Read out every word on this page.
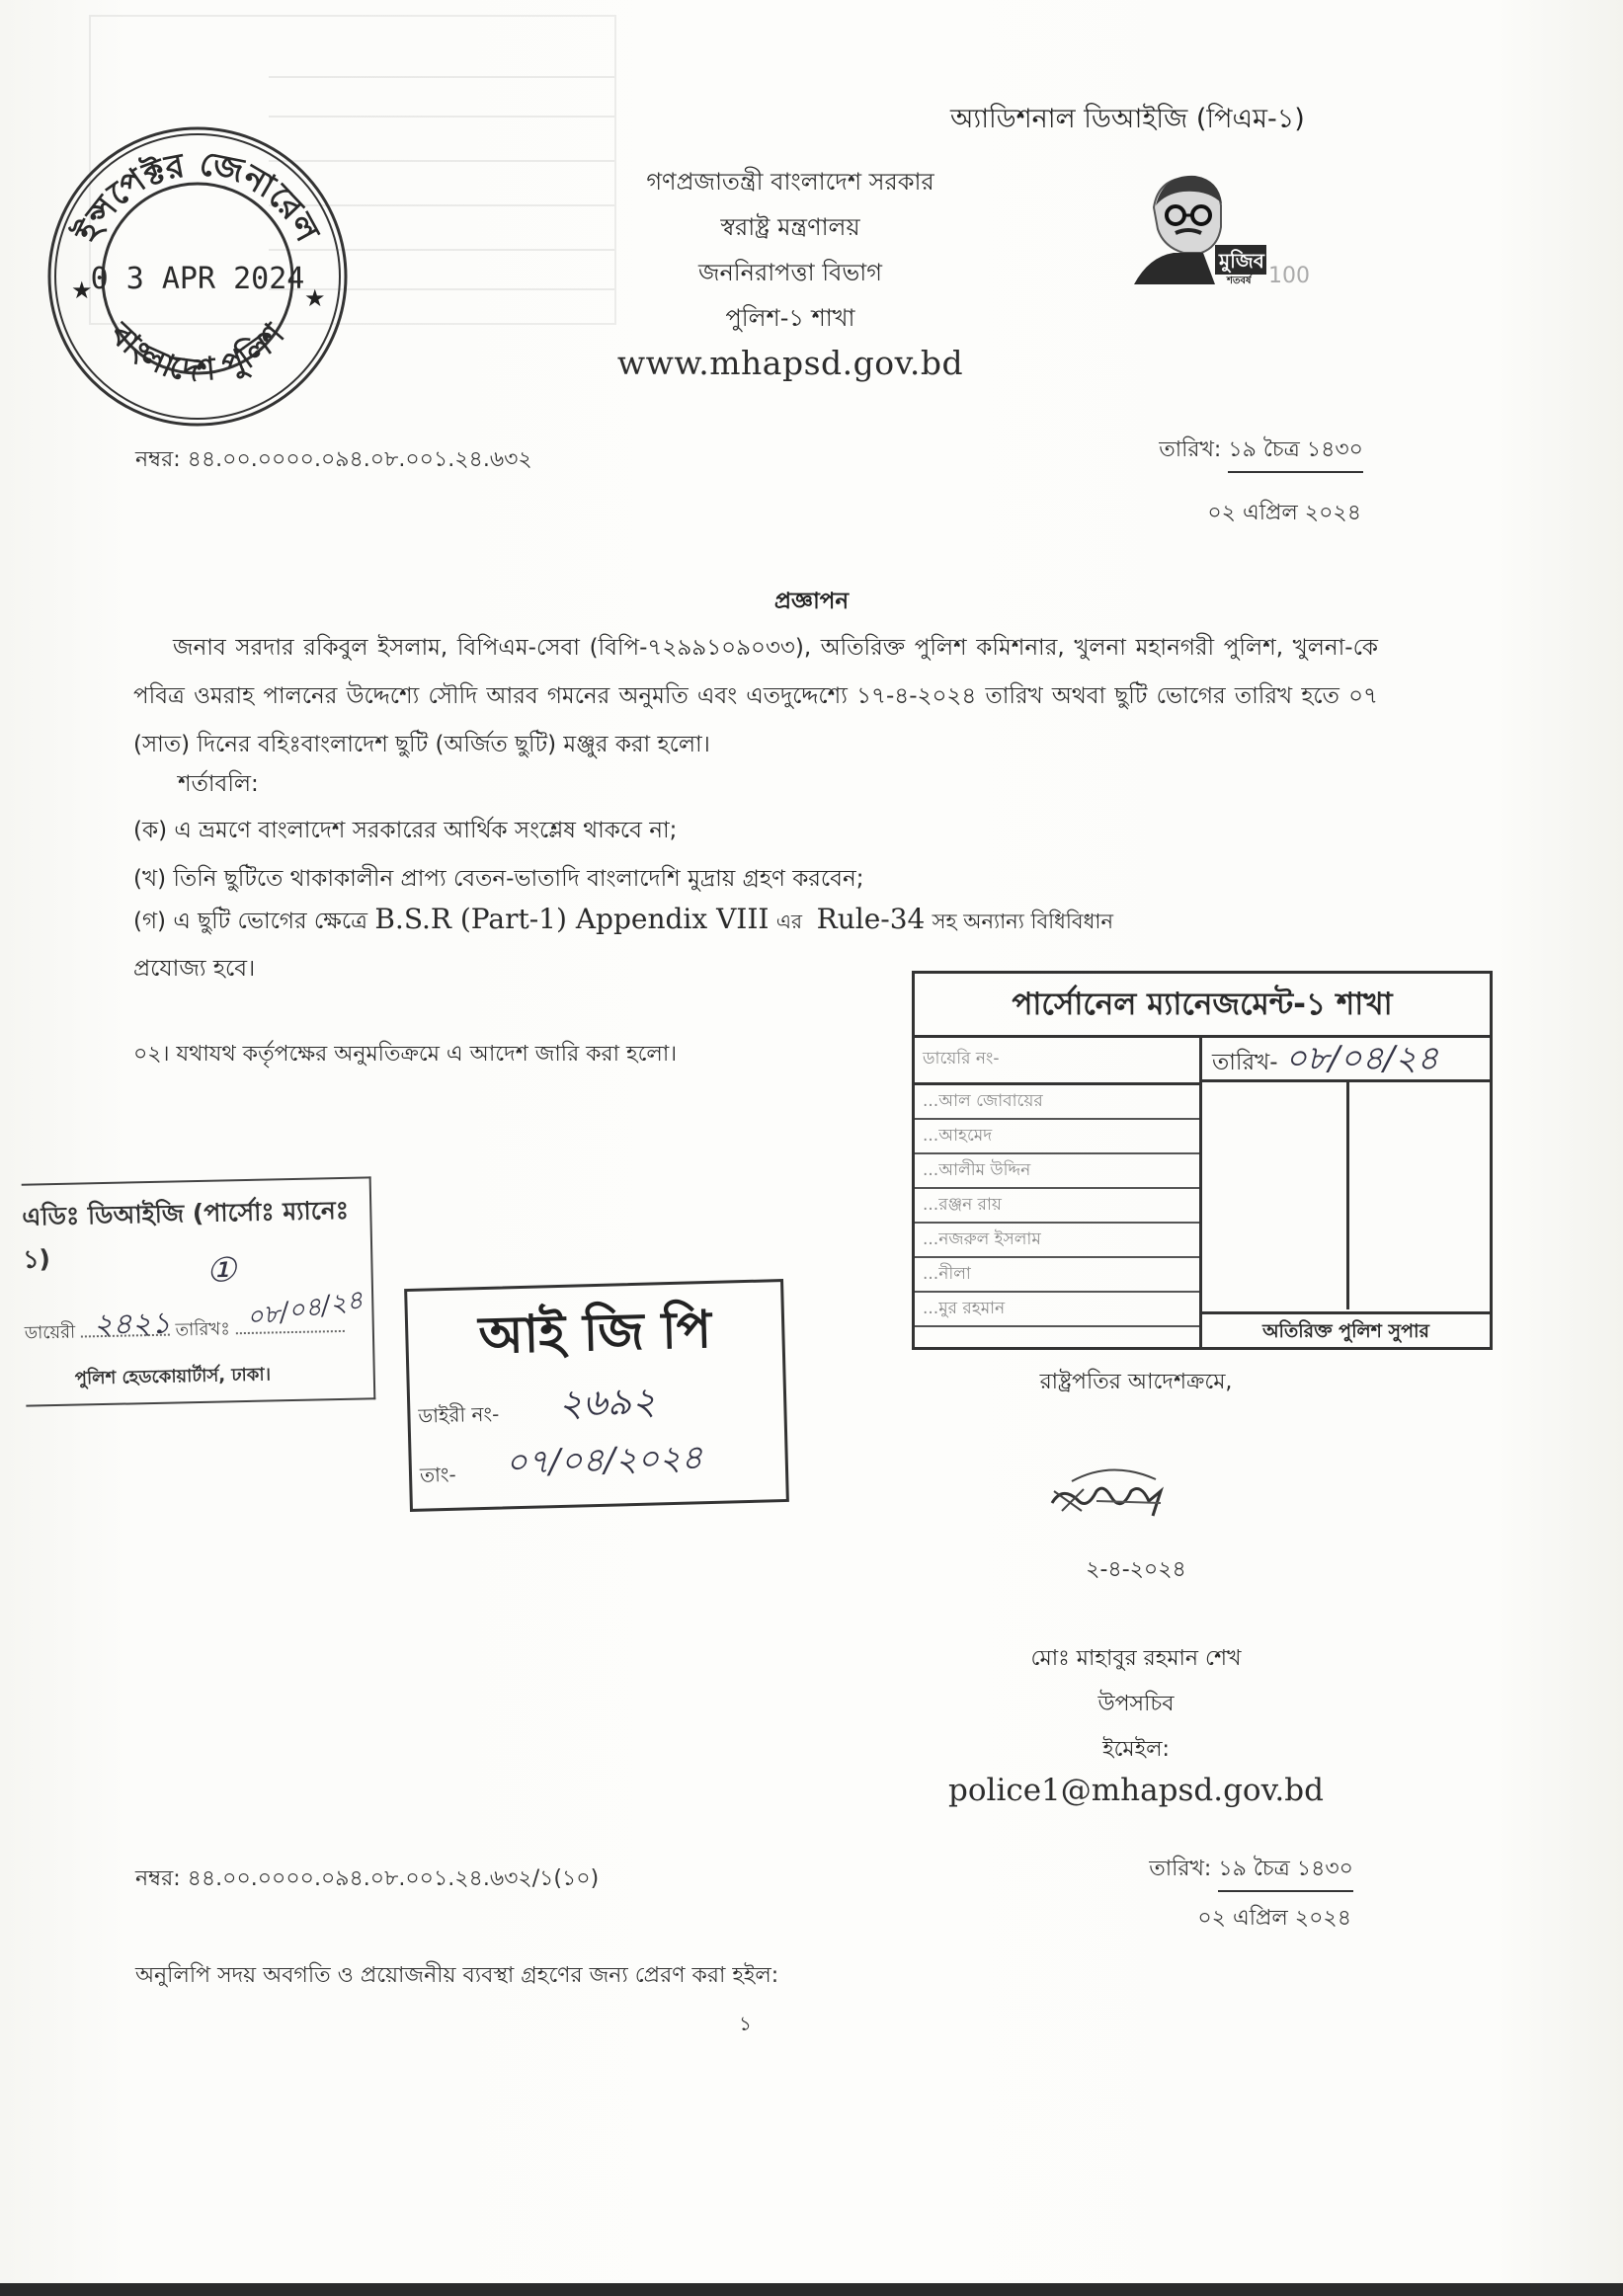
অ্যাডিশনাল ডিআইজি (পিএম-১)
গণপ্রজাতন্ত্রী বাংলাদেশ সরকার
স্বরাষ্ট্র মন্ত্রণালয়
জননিরাপত্তা বিভাগ
পুলিশ-১ শাখা
www.mhapsd.gov.bd
মুজিব
শতবর্ষ 100
ইন্সপেক্টর জেনারেল
বাংলাদেশ পুলিশ
0 3 APR 2024
★	★
নম্বর: ৪৪.০০.০০০০.০৯৪.০৮.০০১.২৪.৬৩২	তারিখ: ১৯ চৈত্র ১৪৩০
০২ এপ্রিল ২০২৪
প্রজ্ঞাপন
জনাব সরদার রকিবুল ইসলাম, বিপিএম-সেবা (বিপি-৭২৯৯১০৯০৩৩), অতিরিক্ত পুলিশ কমিশনার, খুলনা মহানগরী পুলিশ, খুলনা-কে পবিত্র ওমরাহ পালনের উদ্দেশ্যে সৌদি আরব গমনের অনুমতি এবং এতদুদ্দেশ্যে ১৭-৪-২০২৪ তারিখ অথবা ছুটি ভোগের তারিখ হতে ০৭ (সাত) দিনের বহিঃবাংলাদেশ ছুটি (অর্জিত ছুটি) মঞ্জুর করা হলো।
শর্তাবলি:
(ক) এ ভ্রমণে বাংলাদেশ সরকারের আর্থিক সংশ্লেষ থাকবে না;
(খ) তিনি ছুটিতে থাকাকালীন প্রাপ্য বেতন-ভাতাদি বাংলাদেশি মুদ্রায় গ্রহণ করবেন;
(গ) এ ছুটি ভোগের ক্ষেত্রে B.S.R (Part-1) Appendix VIII এর Rule-34 সহ অন্যান্য বিধিবিধান
প্রযোজ্য হবে।
০২। যথাযথ কর্তৃপক্ষের অনুমতিক্রমে এ আদেশ জারি করা হলো।
পার্সোনেল ম্যানেজমেন্ট-১ শাখা
ডায়েরি নং-
...আল জোবায়ের
...আহমেদ
...আলীম উদ্দিন
...রঞ্জন রায়
...নজরুল ইসলাম
...নীলা
...মুর রহমান
তারিখ- ০৮/০৪/২৪
অতিরিক্ত পুলিশ সুপার
এডিঃ ডিআইজি (পার্সোঃ ম্যানেঃ ১)	①
২৪২১	০৮/০৪/২৪
ডায়েরী	তারিখঃ
পুলিশ হেডকোয়ার্টার্স, ঢাকা।
আই জি পি
ডাইরী নং- ২৬৯২
তাং- ০৭/০৪/২০২৪
রাষ্ট্রপতির আদেশক্রমে,
২-৪-২০২৪
মোঃ মাহাবুর রহমান শেখ
উপসচিব
ইমেইল:
police1@mhapsd.gov.bd
নম্বর: ৪৪.০০.০০০০.০৯৪.০৮.০০১.২৪.৬৩২/১(১০)	তারিখ: ১৯ চৈত্র ১৪৩০
০২ এপ্রিল ২০২৪
অনুলিপি সদয় অবগতি ও প্রয়োজনীয় ব্যবস্থা গ্রহণের জন্য প্রেরণ করা হইল:
১
